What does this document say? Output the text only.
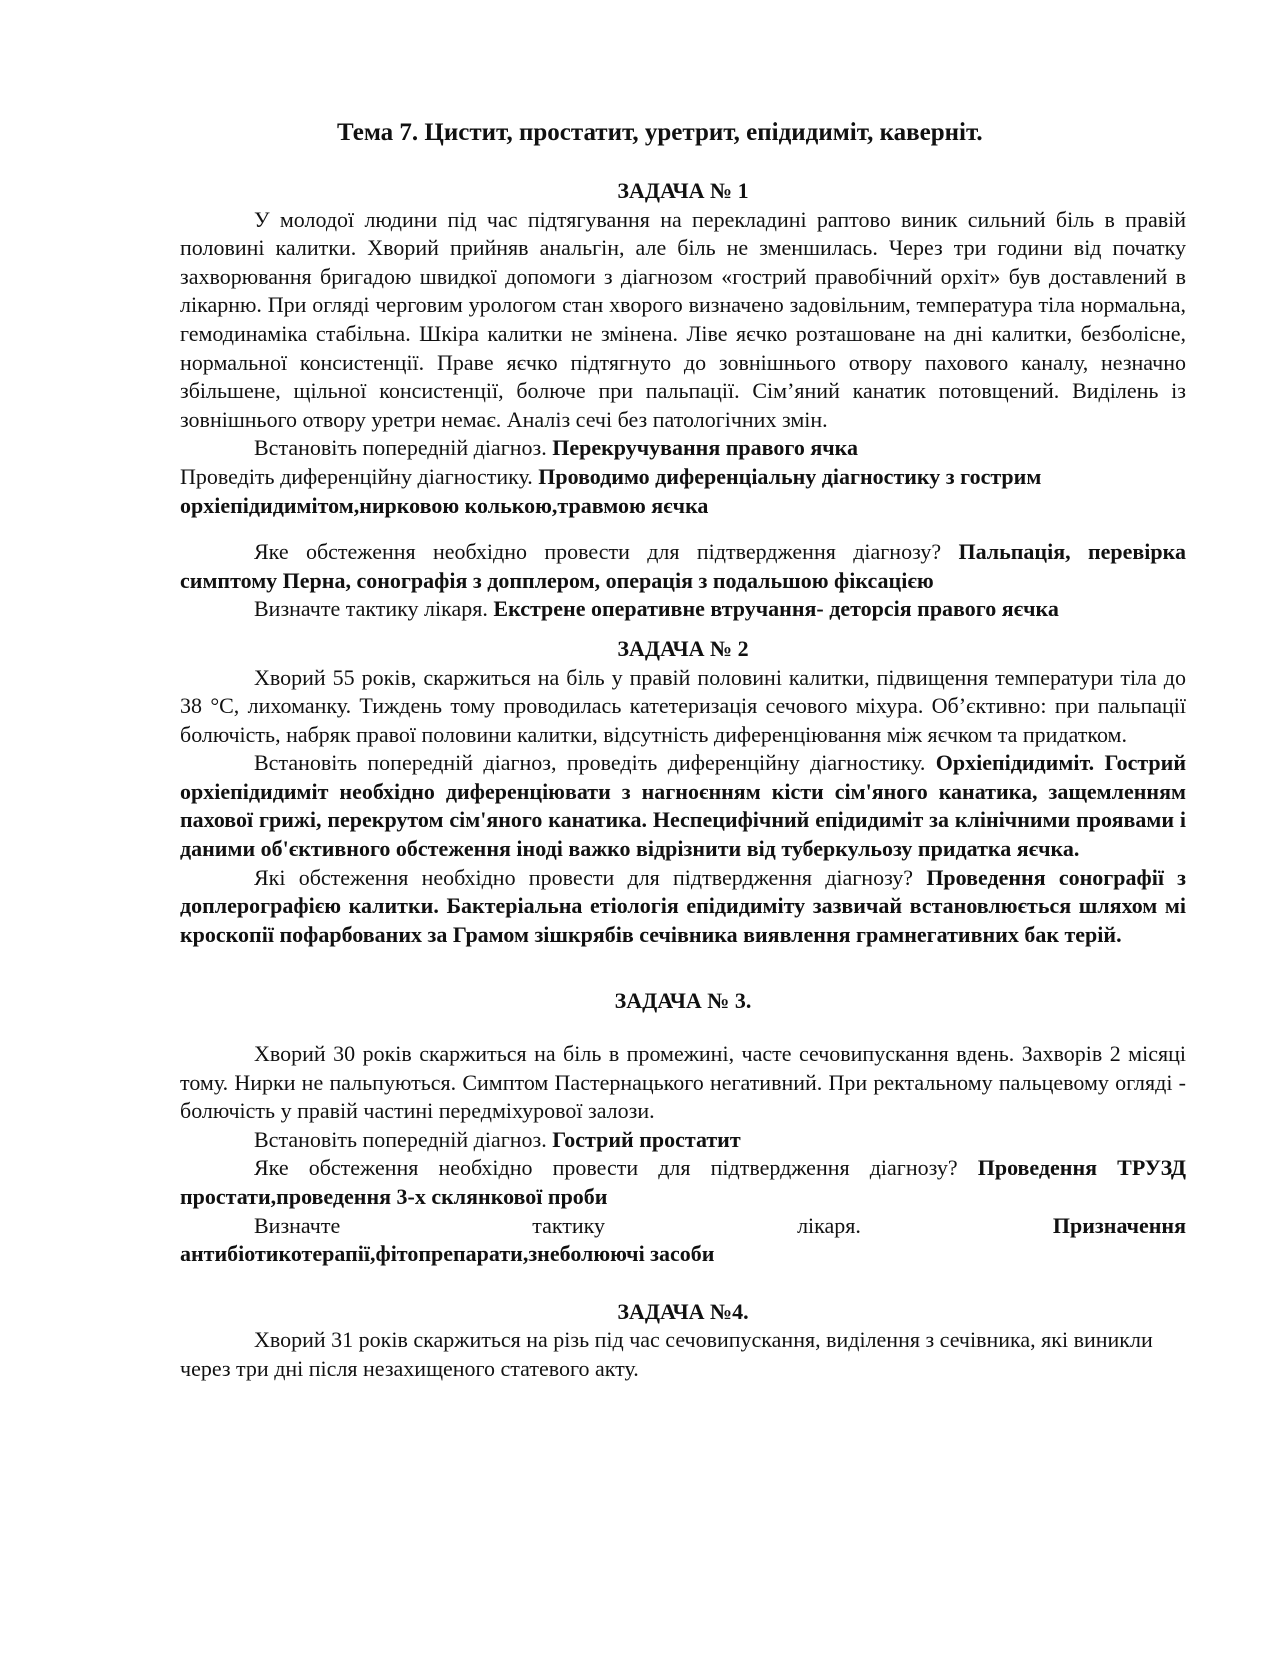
Тема 7. Цистит, простатит, уретрит, епідидиміт, каверніт.

ЗАДАЧА № 1

У молодої людини під час підтягування на перекладині раптово виник сильний біль в правій половині калитки. Хворий прийняв анальгін, але біль не зменшилась. Через три години від початку захворювання бригадою швидкої допомоги з діагнозом «гострий правобічний орхіт» був доставлений в лікарню. При огляді черговим урологом стан хворого визначено задовільним, температура тіла нормальна, гемодинаміка стабільна. Шкіра калитки не змінена. Ліве яєчко розташоване на дні калитки, безболісне, нормальної консистенції. Праве яєчко підтягнуто до зовнішнього отвору пахового каналу, незначно збільшене, щільної консистенції, болюче при пальпації. Сім’яний канатик потовщений. Виділень із зовнішнього отвору уретри немає. Аналіз сечі без патологічних змін.

Встановіть попередній діагноз. Перекручування правого ячка

Проведіть диференційну діагностику. Проводимо диференціальну діагностику з гострим орхіепідидимітом,нирковою колькою,травмою яєчка

Яке обстеження необхідно провести для підтвердження діагнозу? Пальпація, перевірка симптому Перна, сонографія з допплером, операція з подальшою фіксацією

Визначте тактику лікаря. Екстрене оперативне втручання- деторсія правого яєчка

ЗАДАЧА № 2

Хворий 55 років, скаржиться на біль у правій половині калитки, підвищення температури тіла до 38 °С, лихоманку. Тиждень тому проводилась катетеризація сечового міхура. Об’єктивно: при пальпації болючість, набряк правої половини калитки, відсутність диференціювання між яєчком та придатком.

Встановіть попередній діагноз, проведіть диференційну діагностику. Орхіепідидиміт. Гострий орхіепідидиміт необхідно диференціювати з нагноєнням кісти сім'яного канатика, защемленням пахової грижі, перекрутом сім'яного канатика. Неспецифічний епідидиміт за клінічними проявами і даними об'єктивного обстеження іноді важко відрізнити від туберкульозу придатка яєчка.

Які обстеження необхідно провести для підтвердження діагнозу? Проведення сонографії з доплерографією калитки. Бактеріальна етіологія епідидиміту зазвичай встановлюється шляхом мі кроскопії пофарбованих за Грамом зішкрябів сечівника виявлення грамнегативних бак терій.

ЗАДАЧА № 3.

Хворий 30 років скаржиться на біль в промежині, часте сечовипускання вдень. Захворів 2 місяці тому. Нирки не пальпуються. Симптом Пастернацького негативний. При ректальному пальцевому огляді - болючість у правій частині передміхурової залози.

Встановіть попередній діагноз. Гострий простатит

Яке обстеження необхідно провести для підтвердження діагнозу? Проведення ТРУЗД простати,проведення 3-х склянкової проби

Визначте	тактику	лікаря.	Призначення

антибіотикотерапії,фітопрепарати,знеболюючі засоби

ЗАДАЧА №4.

Хворий 31 років скаржиться на різь під час сечовипускання, виділення з сечівника, які виникли через три дні після незахищеного статевого акту.
